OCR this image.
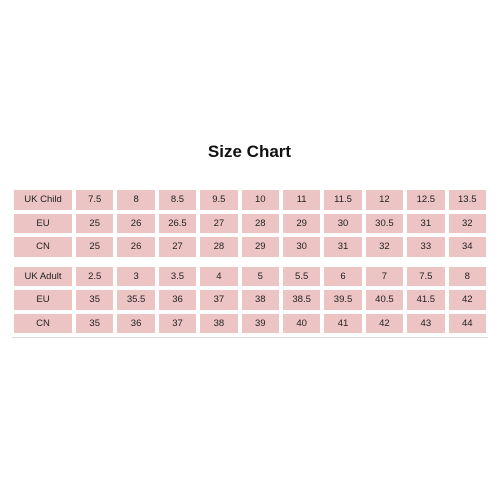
Size Chart
UK Child	7.5	8	8.5	9.5	10	11	11.5	12	12.5	13.5
EU	25	26	26.5	27	28	29	30	30.5	31	32
CN	25	26	27	28	29	30	31	32	33	34

UK Adult	2.5	3	3.5	4	5	5.5	6	7	7.5	8
EU	35	35.5	36	37	38	38.5	39.5	40.5	41.5	42
CN	35	36	37	38	39	40	41	42	43	44
